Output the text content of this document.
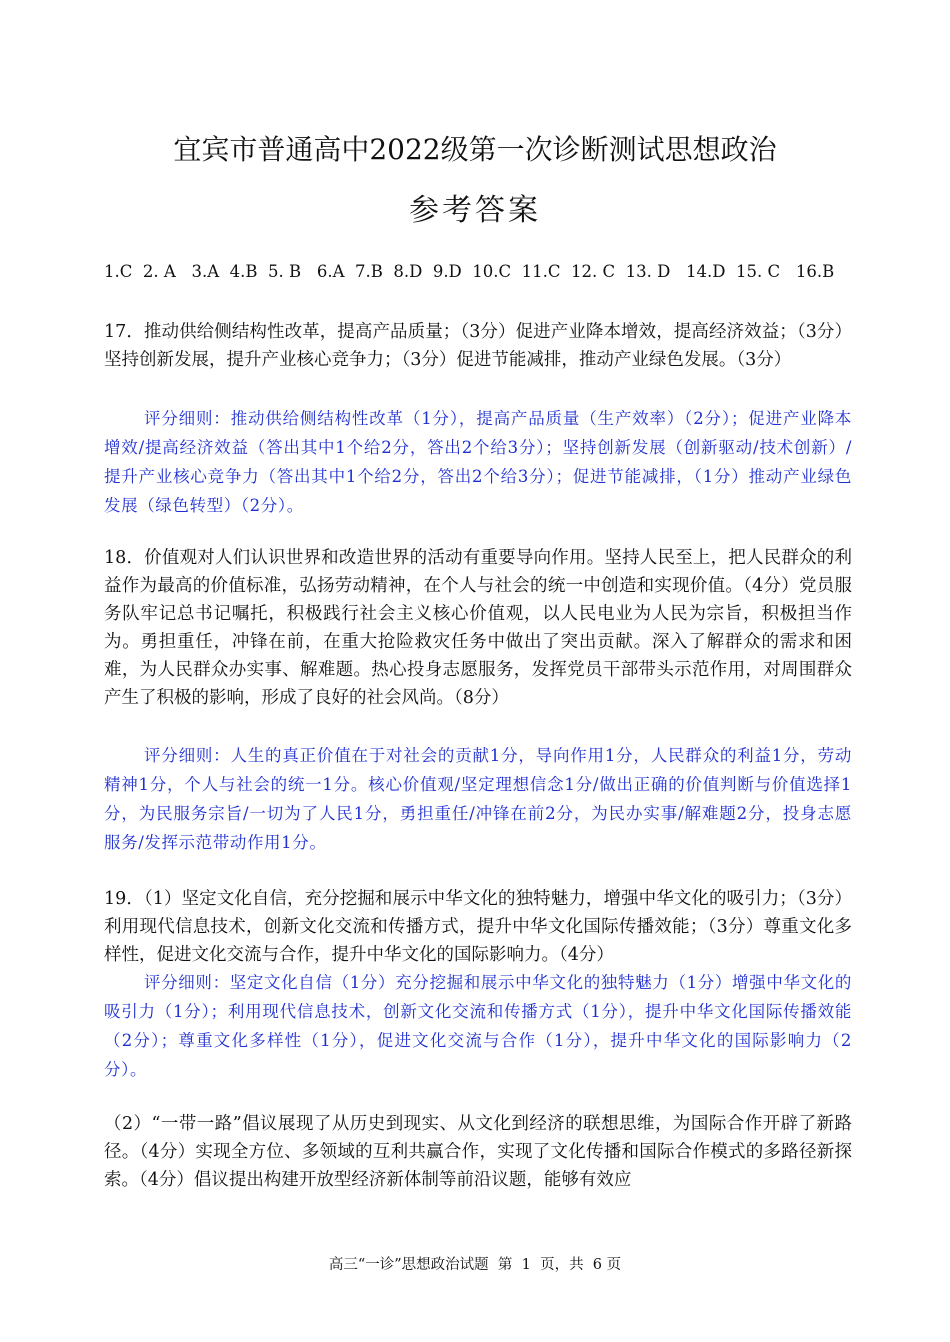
宜宾市普通高中2022级第一次诊断测试思想政治
参考答案
1.C  2. A   3.A  4.B  5. B   6.A  7.B  8.D  9.D  10.C  11.C  12. C  13. D   14.D  15. C   16.B

17．推动供给侧结构性改革，提高产品质量；（3分）促进产业降本增效，提高经济效益；（3分）坚持创新发展，提升产业核心竞争力；（3分）促进节能减排，推动产业绿色发展。（3分）

评分细则：推动供给侧结构性改革（1分），提高产品质量（生产效率）（2分）；促进产业降本增效/提高经济效益（答出其中1个给2分，答出2个给3分）；坚持创新发展（创新驱动/技术创新）/提升产业核心竞争力（答出其中1个给2分，答出2个给3分）；促进节能减排，（1分）推动产业绿色发展（绿色转型）（2分）。

18．价值观对人们认识世界和改造世界的活动有重要导向作用。坚持人民至上，把人民群众的利益作为最高的价值标准，弘扬劳动精神，在个人与社会的统一中创造和实现价值。（4分）党员服务队牢记总书记嘱托，积极践行社会主义核心价值观，以人民电业为人民为宗旨，积极担当作为。勇担重任，冲锋在前，在重大抢险救灾任务中做出了突出贡献。深入了解群众的需求和困难，为人民群众办实事、解难题。热心投身志愿服务，发挥党员干部带头示范作用，对周围群众产生了积极的影响，形成了良好的社会风尚。（8分）

评分细则：人生的真正价值在于对社会的贡献1分，导向作用1分，人民群众的利益1分，劳动精神1分，个人与社会的统一1分。核心价值观/坚定理想信念1分/做出正确的价值判断与价值选择1分，为民服务宗旨/一切为了人民1分，勇担重任/冲锋在前2分，为民办实事/解难题2分，投身志愿服务/发挥示范带动作用1分。

19．（1）坚定文化自信，充分挖掘和展示中华文化的独特魅力，增强中华文化的吸引力；（3分）利用现代信息技术，创新文化交流和传播方式，提升中华文化国际传播效能；（3分）尊重文化多样性，促进文化交流与合作，提升中华文化的国际影响力。（4分）

评分细则：坚定文化自信（1分）充分挖掘和展示中华文化的独特魅力（1分）增强中华文化的吸引力（1分）；利用现代信息技术，创新文化交流和传播方式（1分），提升中华文化国际传播效能（2分）；尊重文化多样性（1分），促进文化交流与合作（1分），提升中华文化的国际影响力（2分）。

（2）“一带一路”倡议展现了从历史到现实、从文化到经济的联想思维，为国际合作开辟了新路径。（4分）实现全方位、多领域的互利共赢合作，实现了文化传播和国际合作模式的多路径新探索。（4分）倡议提出构建开放型经济新体制等前沿议题，能够有效应

高三“一诊”思想政治试题  第  1  页，共  6 页
